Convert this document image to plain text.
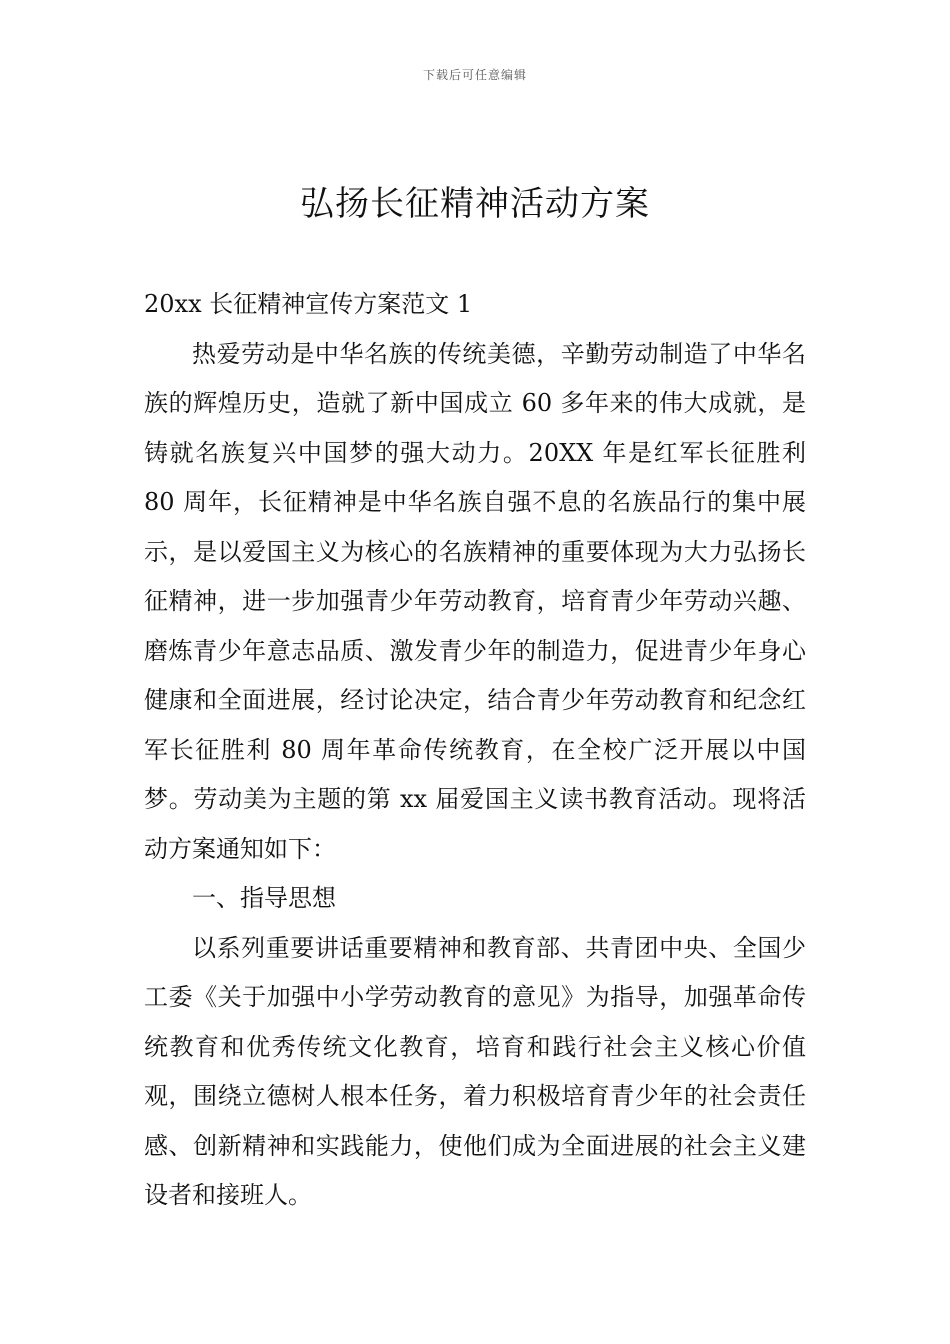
下载后可任意编辑
弘扬长征精神活动方案

20xx 长征精神宣传方案范文 1

热爱劳动是中华名族的传统美德，辛勤劳动制造了中华名族的辉煌历史，造就了新中国成立 60 多年来的伟大成就，是铸就名族复兴中国梦的强大动力。20XX 年是红军长征胜利 80 周年，长征精神是中华名族自强不息的名族品行的集中展示，是以爱国主义为核心的名族精神的重要体现为大力弘扬长征精神，进一步加强青少年劳动教育，培育青少年劳动兴趣、磨炼青少年意志品质、激发青少年的制造力，促进青少年身心健康和全面进展，经讨论决定，结合青少年劳动教育和纪念红军长征胜利 80 周年革命传统教育，在全校广泛开展以中国梦。劳动美为主题的第 xx 届爱国主义读书教育活动。现将活动方案通知如下：

一、指导思想

以系列重要讲话重要精神和教育部、共青团中央、全国少工委《关于加强中小学劳动教育的意见》为指导，加强革命传统教育和优秀传统文化教育，培育和践行社会主义核心价值观，围绕立德树人根本任务，着力积极培育青少年的社会责任感、创新精神和实践能力，使他们成为全面进展的社会主义建设者和接班人。
